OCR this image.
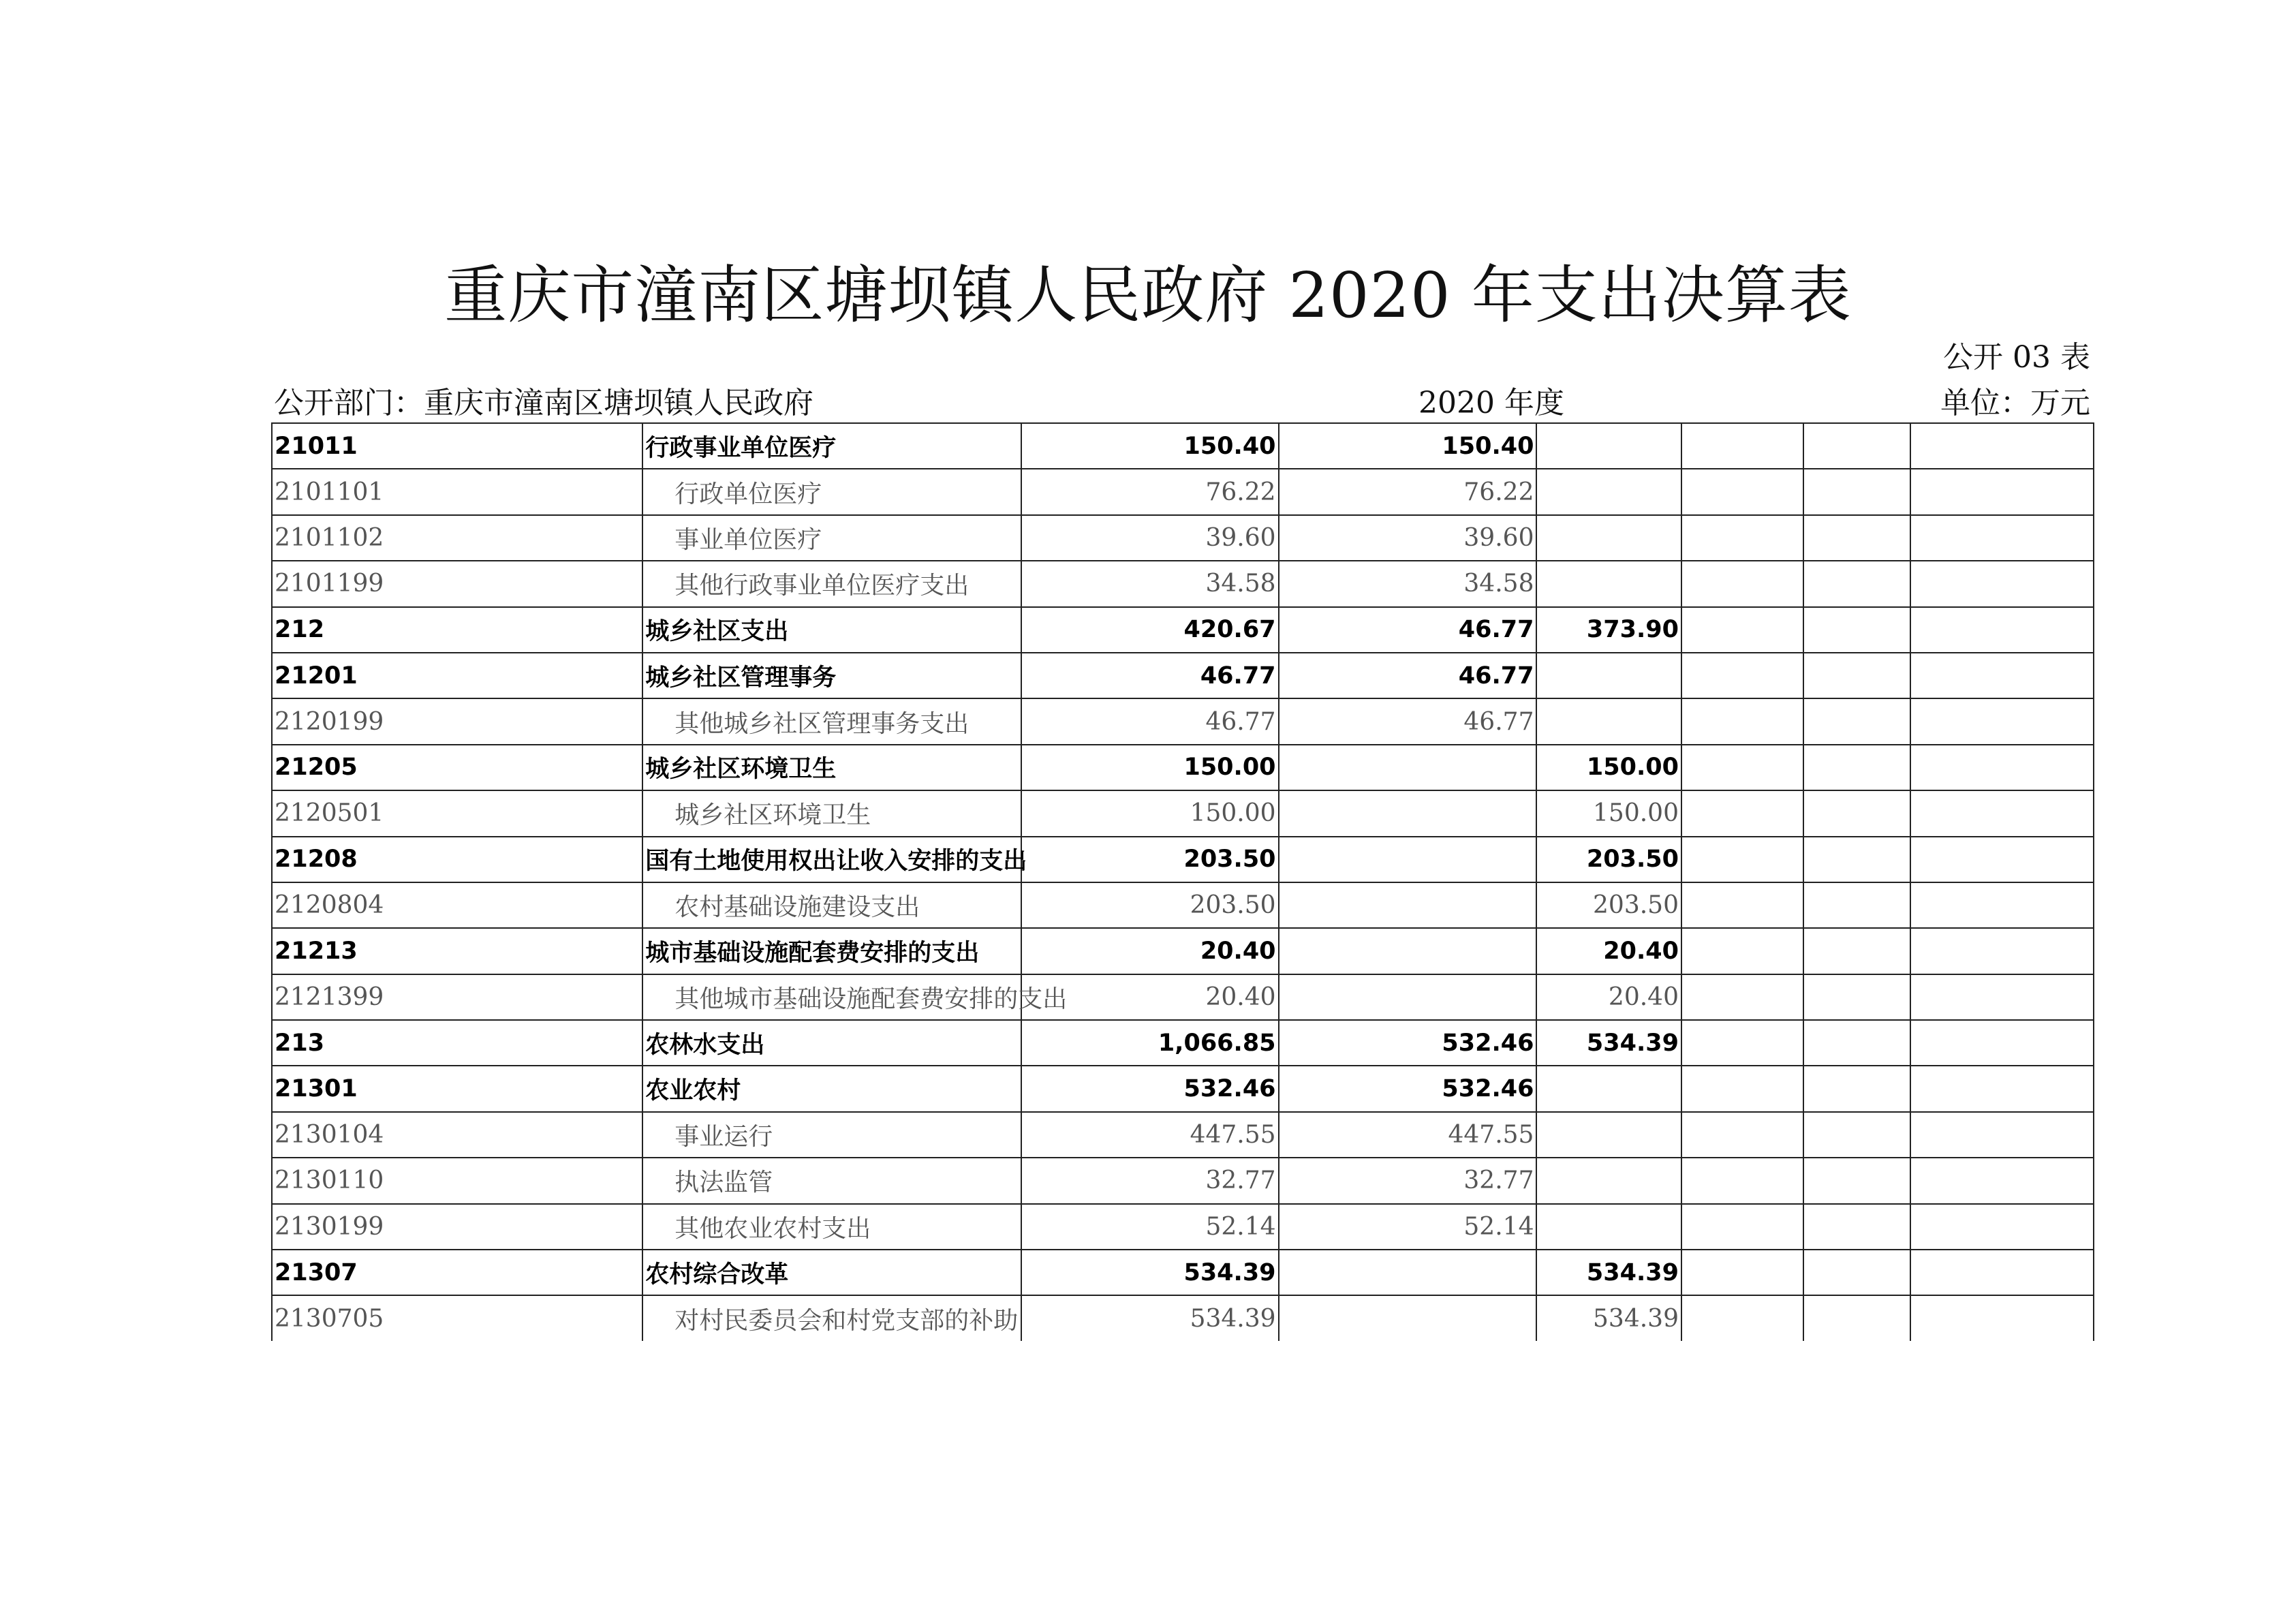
重庆市潼南区塘坝镇人民政府 2020 年支出决算表
公开 03 表
公开部门：重庆市潼南区塘坝镇人民政府	2020 年度	单位：万元
21011	行政事业单位医疗	150.40	150.40				
2101101	行政单位医疗	76.22	76.22				
2101102	事业单位医疗	39.60	39.60				
2101199	其他行政事业单位医疗支出	34.58	34.58				
212	城乡社区支出	420.67	46.77	373.90			
21201	城乡社区管理事务	46.77	46.77				
2120199	其他城乡社区管理事务支出	46.77	46.77				
21205	城乡社区环境卫生	150.00		150.00			
2120501	城乡社区环境卫生	150.00		150.00			
21208	国有土地使用权出让收入安排的支出	203.50		203.50			
2120804	农村基础设施建设支出	203.50		203.50			
21213	城市基础设施配套费安排的支出	20.40		20.40			
2121399	其他城市基础设施配套费安排的支出	20.40		20.40			
213	农林水支出	1,066.85	532.46	534.39			
21301	农业农村	532.46	532.46				
2130104	事业运行	447.55	447.55				
2130110	执法监管	32.77	32.77				
2130199	其他农业农村支出	52.14	52.14				
21307	农村综合改革	534.39		534.39			
2130705	对村民委员会和村党支部的补助	534.39		534.39			
